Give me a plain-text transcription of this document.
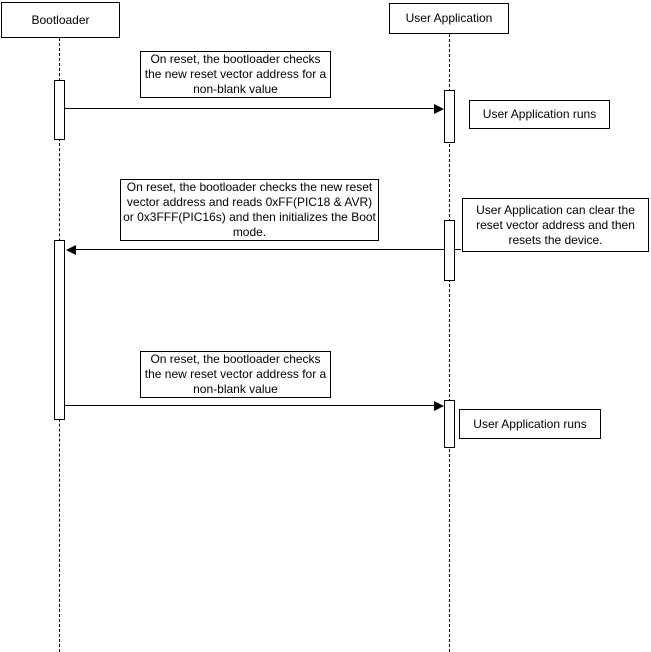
Bootloader	User Application
On reset, the bootloader checks the new reset vector address for a non-blank value
User Application runs
On reset, the bootloader checks the new reset vector address and reads 0xFF(PIC18 & AVR) or 0x3FFF(PIC16s) and then initializes the Boot mode.
User Application can clear the reset vector address and then resets the device.
On reset, the bootloader checks the new reset vector address for a non-blank value
User Application runs
